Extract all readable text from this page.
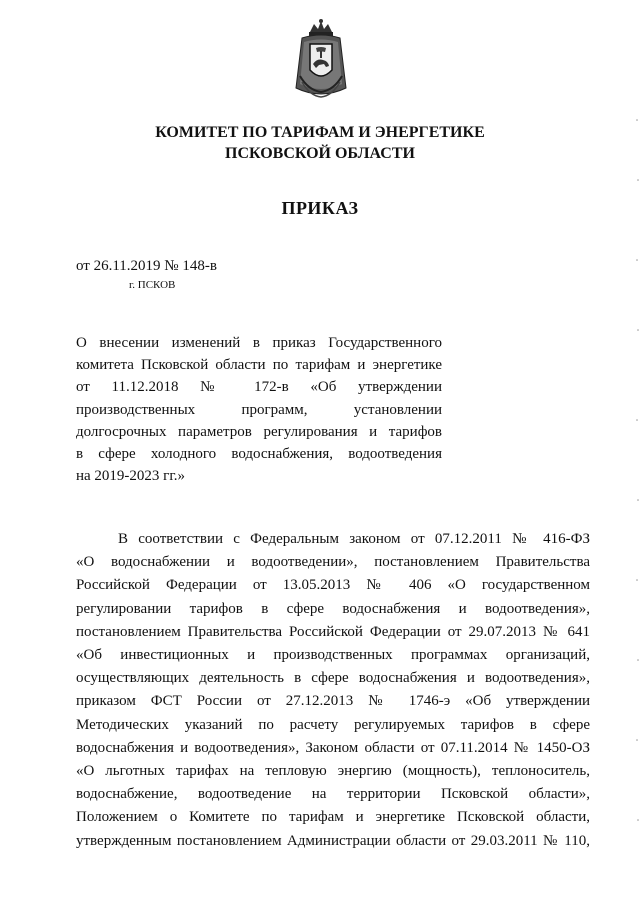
КОМИТЕТ ПО ТАРИФАМ И ЭНЕРГЕТИКЕ
ПСКОВСКОЙ ОБЛАСТИ
ПРИКАЗ
от 26.11.2019 № 148-в
г. ПСКОВ
О внесении изменений в приказ Государственного
комитета Псковской области по тарифам и энергетике
от 11.12.2018 № 172-в «Об утверждении
производственных программ, установлении
долгосрочных параметров регулирования и тарифов
в сфере холодного водоснабжения, водоотведения
на 2019-2023 гг.»
В соответствии с Федеральным законом от 07.12.2011 № 416-ФЗ
«О водоснабжении и водоотведении», постановлением Правительства
Российской Федерации от 13.05.2013 № 406 «О государственном
регулировании тарифов в сфере водоснабжения и водоотведения»,
постановлением Правительства Российской Федерации от 29.07.2013 № 641
«Об инвестиционных и производственных программах организаций,
осуществляющих деятельность в сфере водоснабжения и водоотведения»,
приказом ФСТ России от 27.12.2013 № 1746-э «Об утверждении
Методических указаний по расчету регулируемых тарифов в сфере
водоснабжения и водоотведения», Законом области от 07.11.2014 № 1450-ОЗ
«О льготных тарифах на тепловую энергию (мощность), теплоноситель,
водоснабжение, водоотведение на территории Псковской области»,
Положением о Комитете по тарифам и энергетике Псковской области,
утвержденным постановлением Администрации области от 29.03.2011 № 110,
